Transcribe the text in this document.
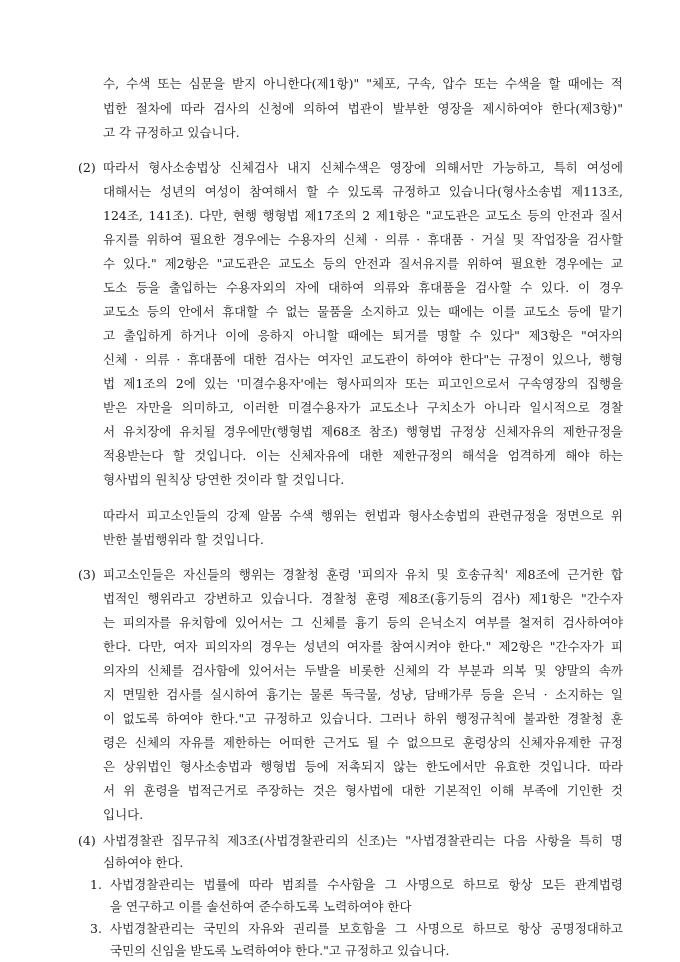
수, 수색 또는 심문을 받지 아니한다(제1항)" "체포, 구속, 압수 또는 수색을 할 때에는 적
법한 절차에 따라 검사의 신청에 의하여 법관이 발부한 영장을 제시하여야 한다(제3항)"
고 각 규정하고 있습니다.
(2) 따라서 형사소송법상 신체검사 내지 신체수색은 영장에 의해서만 가능하고, 특히 여성에
대해서는 성년의 여성이 참여해서 할 수 있도록 규정하고 있습니다(형사소송법 제113조,
124조, 141조). 다만, 현행 행형법 제17조의 2 제1항은 "교도관은 교도소 등의 안전과 질서
유지를 위하여 필요한 경우에는 수용자의 신체 · 의류 · 휴대품 · 거실 및 작업장을 검사할
수 있다." 제2항은 "교도관은 교도소 등의 안전과 질서유지를 위하여 필요한 경우에는 교
도소 등을 출입하는 수용자외의 자에 대하여 의류와 휴대품을 검사할 수 있다. 이 경우
교도소 등의 안에서 휴대할 수 없는 물품을 소지하고 있는 때에는 이를 교도소 등에 맡기
고 출입하게 하거나 이에 응하지 아니할 때에는 퇴거를 명할 수 있다" 제3항은 "여자의
신체 · 의류 · 휴대품에 대한 검사는 여자인 교도관이 하여야 한다"는 규정이 있으나, 행형
법 제1조의 2에 있는 '미결수용자'에는 형사피의자 또는 피고인으로서 구속영장의 집행을
받은 자만을 의미하고, 이러한 미결수용자가 교도소나 구치소가 아니라 일시적으로 경찰
서 유치장에 유치될 경우에만(행형법 제68조 참조) 행형법 규정상 신체자유의 제한규정을
적용받는다 할 것입니다. 이는 신체자유에 대한 제한규정의 해석을 엄격하게 해야 하는
형사법의 원칙상 당연한 것이라 할 것입니다.
따라서 피고소인들의 강제 알몸 수색 행위는 헌법과 형사소송법의 관련규정을 정면으로 위
반한 불법행위라 할 것입니다.
(3) 피고소인들은 자신들의 행위는 경찰청 훈령 '피의자 유치 및 호송규칙' 제8조에 근거한 합
법적인 행위라고 강변하고 있습니다. 경찰청 훈령 제8조(흉기등의 검사) 제1항은 "간수자
는 피의자를 유치함에 있어서는 그 신체를 흉기 등의 은닉소지 여부를 철저히 검사하여야
한다. 다만, 여자 피의자의 경우는 성년의 여자를 참여시켜야 한다." 제2항은 "간수자가 피
의자의 신체를 검사함에 있어서는 두발을 비롯한 신체의 각 부분과 의복 및 양말의 속까
지 면밀한 검사를 실시하여 흉기는 물론 독극물, 성냥, 담배가루 등을 은닉 · 소지하는 일
이 없도록 하여야 한다."고 규정하고 있습니다. 그러나 하위 행정규칙에 불과한 경찰청 훈
령은 신체의 자유를 제한하는 어떠한 근거도 될 수 없으므로 훈령상의 신체자유제한 규정
은 상위법인 형사소송법과 행형법 등에 저촉되지 않는 한도에서만 유효한 것입니다. 따라
서 위 훈령을 법적근거로 주장하는 것은 형사법에 대한 기본적인 이해 부족에 기인한 것
입니다.
(4) 사법경찰관 집무규칙 제3조(사법경찰관리의 신조)는 "사법경찰관리는 다음 사항을 특히 명
심하여야 한다.
1. 사법경찰관리는 법률에 따라 범죄를 수사함을 그 사명으로 하므로 항상 모든 관계법령
을 연구하고 이를 솔선하여 준수하도록 노력하여야 한다
3. 사법경찰관리는 국민의 자유와 권리를 보호함을 그 사명으로 하므로 항상 공명정대하고
국민의 신임을 받도록 노력하여야 한다."고 규정하고 있습니다.
